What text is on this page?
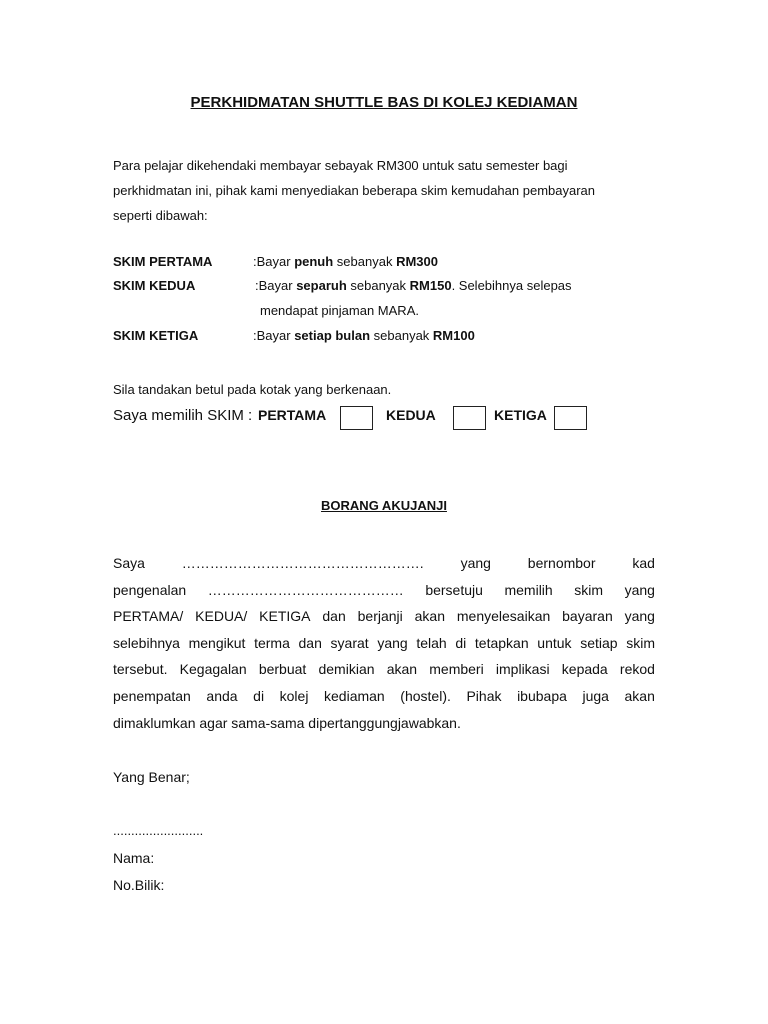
PERKHIDMATAN SHUTTLE BAS DI KOLEJ KEDIAMAN
Para pelajar dikehendaki membayar sebayak RM300 untuk satu semester bagi
perkhidmatan ini, pihak kami menyediakan beberapa skim kemudahan pembayaran
seperti dibawah:
SKIM PERTAMA	:Bayar penuh sebanyak RM300
SKIM KEDUA	:Bayar separuh sebanyak RM150. Selebihnya selepas
mendapat pinjaman MARA.
SKIM KETIGA	:Bayar setiap bulan sebanyak RM100
Sila tandakan betul pada kotak yang berkenaan.
Saya memilih SKIM : PERTAMA	KEDUA	KETIGA
BORANG AKUJANJI
Saya	…………………………………………….	yang	bernombor	kad
pengenalan …………………………………… bersetuju memilih skim yang
PERTAMA/ KEDUA/ KETIGA dan berjanji akan menyelesaikan bayaran yang
selebihnya mengikut terma dan syarat yang telah di tetapkan untuk setiap skim
tersebut. Kegagalan berbuat demikian akan memberi implikasi kepada rekod
penempatan anda di kolej kediaman (hostel). Pihak ibubapa juga akan
dimaklumkan agar sama-sama dipertanggungjawabkan.
Yang Benar;
.........................
Nama:
No.Bilik:
